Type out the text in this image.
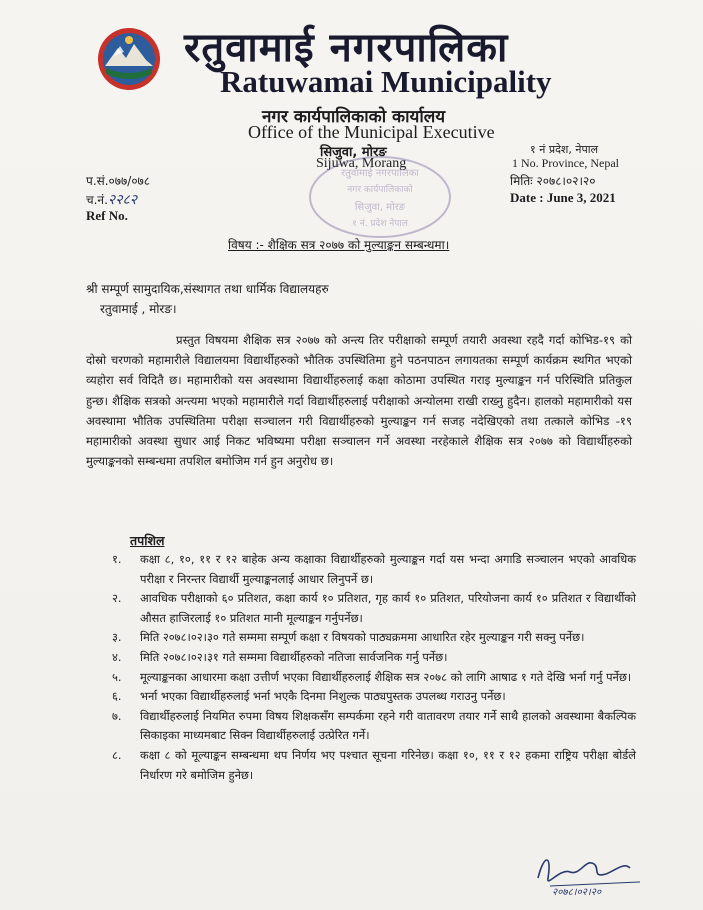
रतुवामाई नगरपालिका
Ratuwamai Municipality
नगर कार्यपालिकाको कार्यालय
Office of the Municipal Executive
सिजुवा, मोरङ
Sijuwa, Morang
१ नं प्रदेश, नेपाल
1 No. Province, Nepal
मितिः २०७८।०२।२०
Date : June 3, 2021
प.सं.०७७/०७८
च.नं.२२८२
Ref No.
रतुवामाई नगरपालिका
नगर कार्यपालिकाको
सिजुवा, मोरङ
१ नं. प्रदेश नेपाल
विषय :- शैक्षिक सत्र २०७७ को मुल्याङ्कन सम्बन्धमा।
श्री सम्पूर्ण सामुदायिक,संस्थागत तथा धार्मिक विद्यालयहरु
रतुवामाई , मोरङ।

प्रस्तुत विषयमा शैक्षिक सत्र २०७७ को अन्त्य तिर परीक्षाको सम्पूर्ण तयारी अवस्था रहदै गर्दा कोभिड-१९ को दोस्रो चरणको महामारीले विद्यालयमा विद्यार्थीहरुको भौतिक उपस्थितिमा हुने पठनपाठन लगायतका सम्पूर्ण कार्यक्रम स्थगित भएको व्यहोरा सर्व विदितै छ। महामारीको यस अवस्थामा विद्यार्थीहरुलाई कक्षा कोठामा उपस्थित गराइ मुल्याङ्कन गर्न परिस्थिति प्रतिकुल हुन्छ। शैक्षिक सत्रको अन्त्यमा भएको महामारीले गर्दा विद्यार्थीहरुलाई परीक्षाको अन्योलमा राखी राख्नु हुदैन। हालको महामारीको यस अवस्थामा भौतिक उपस्थितिमा परीक्षा सञ्चालन गरी विद्यार्थीहरुको मुल्याङ्कन गर्न सजह नदेखिएको तथा तत्काले कोभिड -१९ महामारीको अवस्था सुधार आई निकट भविष्यमा परीक्षा सञ्चालन गर्ने अवस्था नरहेकाले शैक्षिक सत्र २०७७ को विद्यार्थीहरुको मुल्याङ्कनको सम्बन्धमा तपशिल बमोजिम गर्न हुन अनुरोध छ।

तपशिल
१. कक्षा ८, १०, ११ र १२ बाहेक अन्य कक्षाका विद्यार्थीहरुको मुल्याङ्कन गर्दा यस भन्दा अगाडि सञ्चालन भएको आवधिक परीक्षा र निरन्तर विद्यार्थी मुल्याङ्कनलाई आधार लिनुपर्ने छ।
२. आवधिक परीक्षाको ६० प्रतिशत, कक्षा कार्य १० प्रतिशत, गृह कार्य १० प्रतिशत, परियोजना कार्य १० प्रतिशत र विद्यार्थीको औसत हाजिरलाई १० प्रतिशत मानी मूल्याङ्कन गर्नुपर्नेछ।
३. मिति २०७८।०२।३० गते सम्ममा सम्पूर्ण कक्षा र विषयको पाठ्यक्रममा आधारित रहेर मुल्याङ्कन गरी सक्नु पर्नेछ।
४. मिति २०७८।०२।३१ गते सम्ममा विद्यार्थीहरुको नतिजा सार्वजनिक गर्नु पर्नेछ।
५. मूल्याङ्कनका आधारमा कक्षा उत्तीर्ण भएका विद्यार्थीहरुलाई शैक्षिक सत्र २०७८ को लागि आषाढ १ गते देखि भर्ना गर्नु पर्नेछ।
६. भर्ना भएका विद्यार्थीहरुलाई भर्ना भएकै दिनमा निशुल्क पाठ्यपुस्तक उपलब्ध गराउनु पर्नेछ।
७. विद्यार्थीहरुलाई नियमित रुपमा विषय शिक्षकसँग सम्पर्कमा रहने गरी वातावरण तयार गर्ने साथै हालको अवस्थामा बैकल्पिक सिकाइका माध्यमबाट सिक्न विद्यार्थीहरुलाई उत्प्रेरित गर्ने।
८. कक्षा ८ को मूल्याङ्कन सम्बन्धमा थप निर्णय भए पश्चात सूचना गरिनेछ। कक्षा १०, ११ र १२ हकमा राष्ट्रिय परीक्षा बोर्डले निर्धारण गरे बमोजिम हुनेछ।
२०७८।०२।२०
